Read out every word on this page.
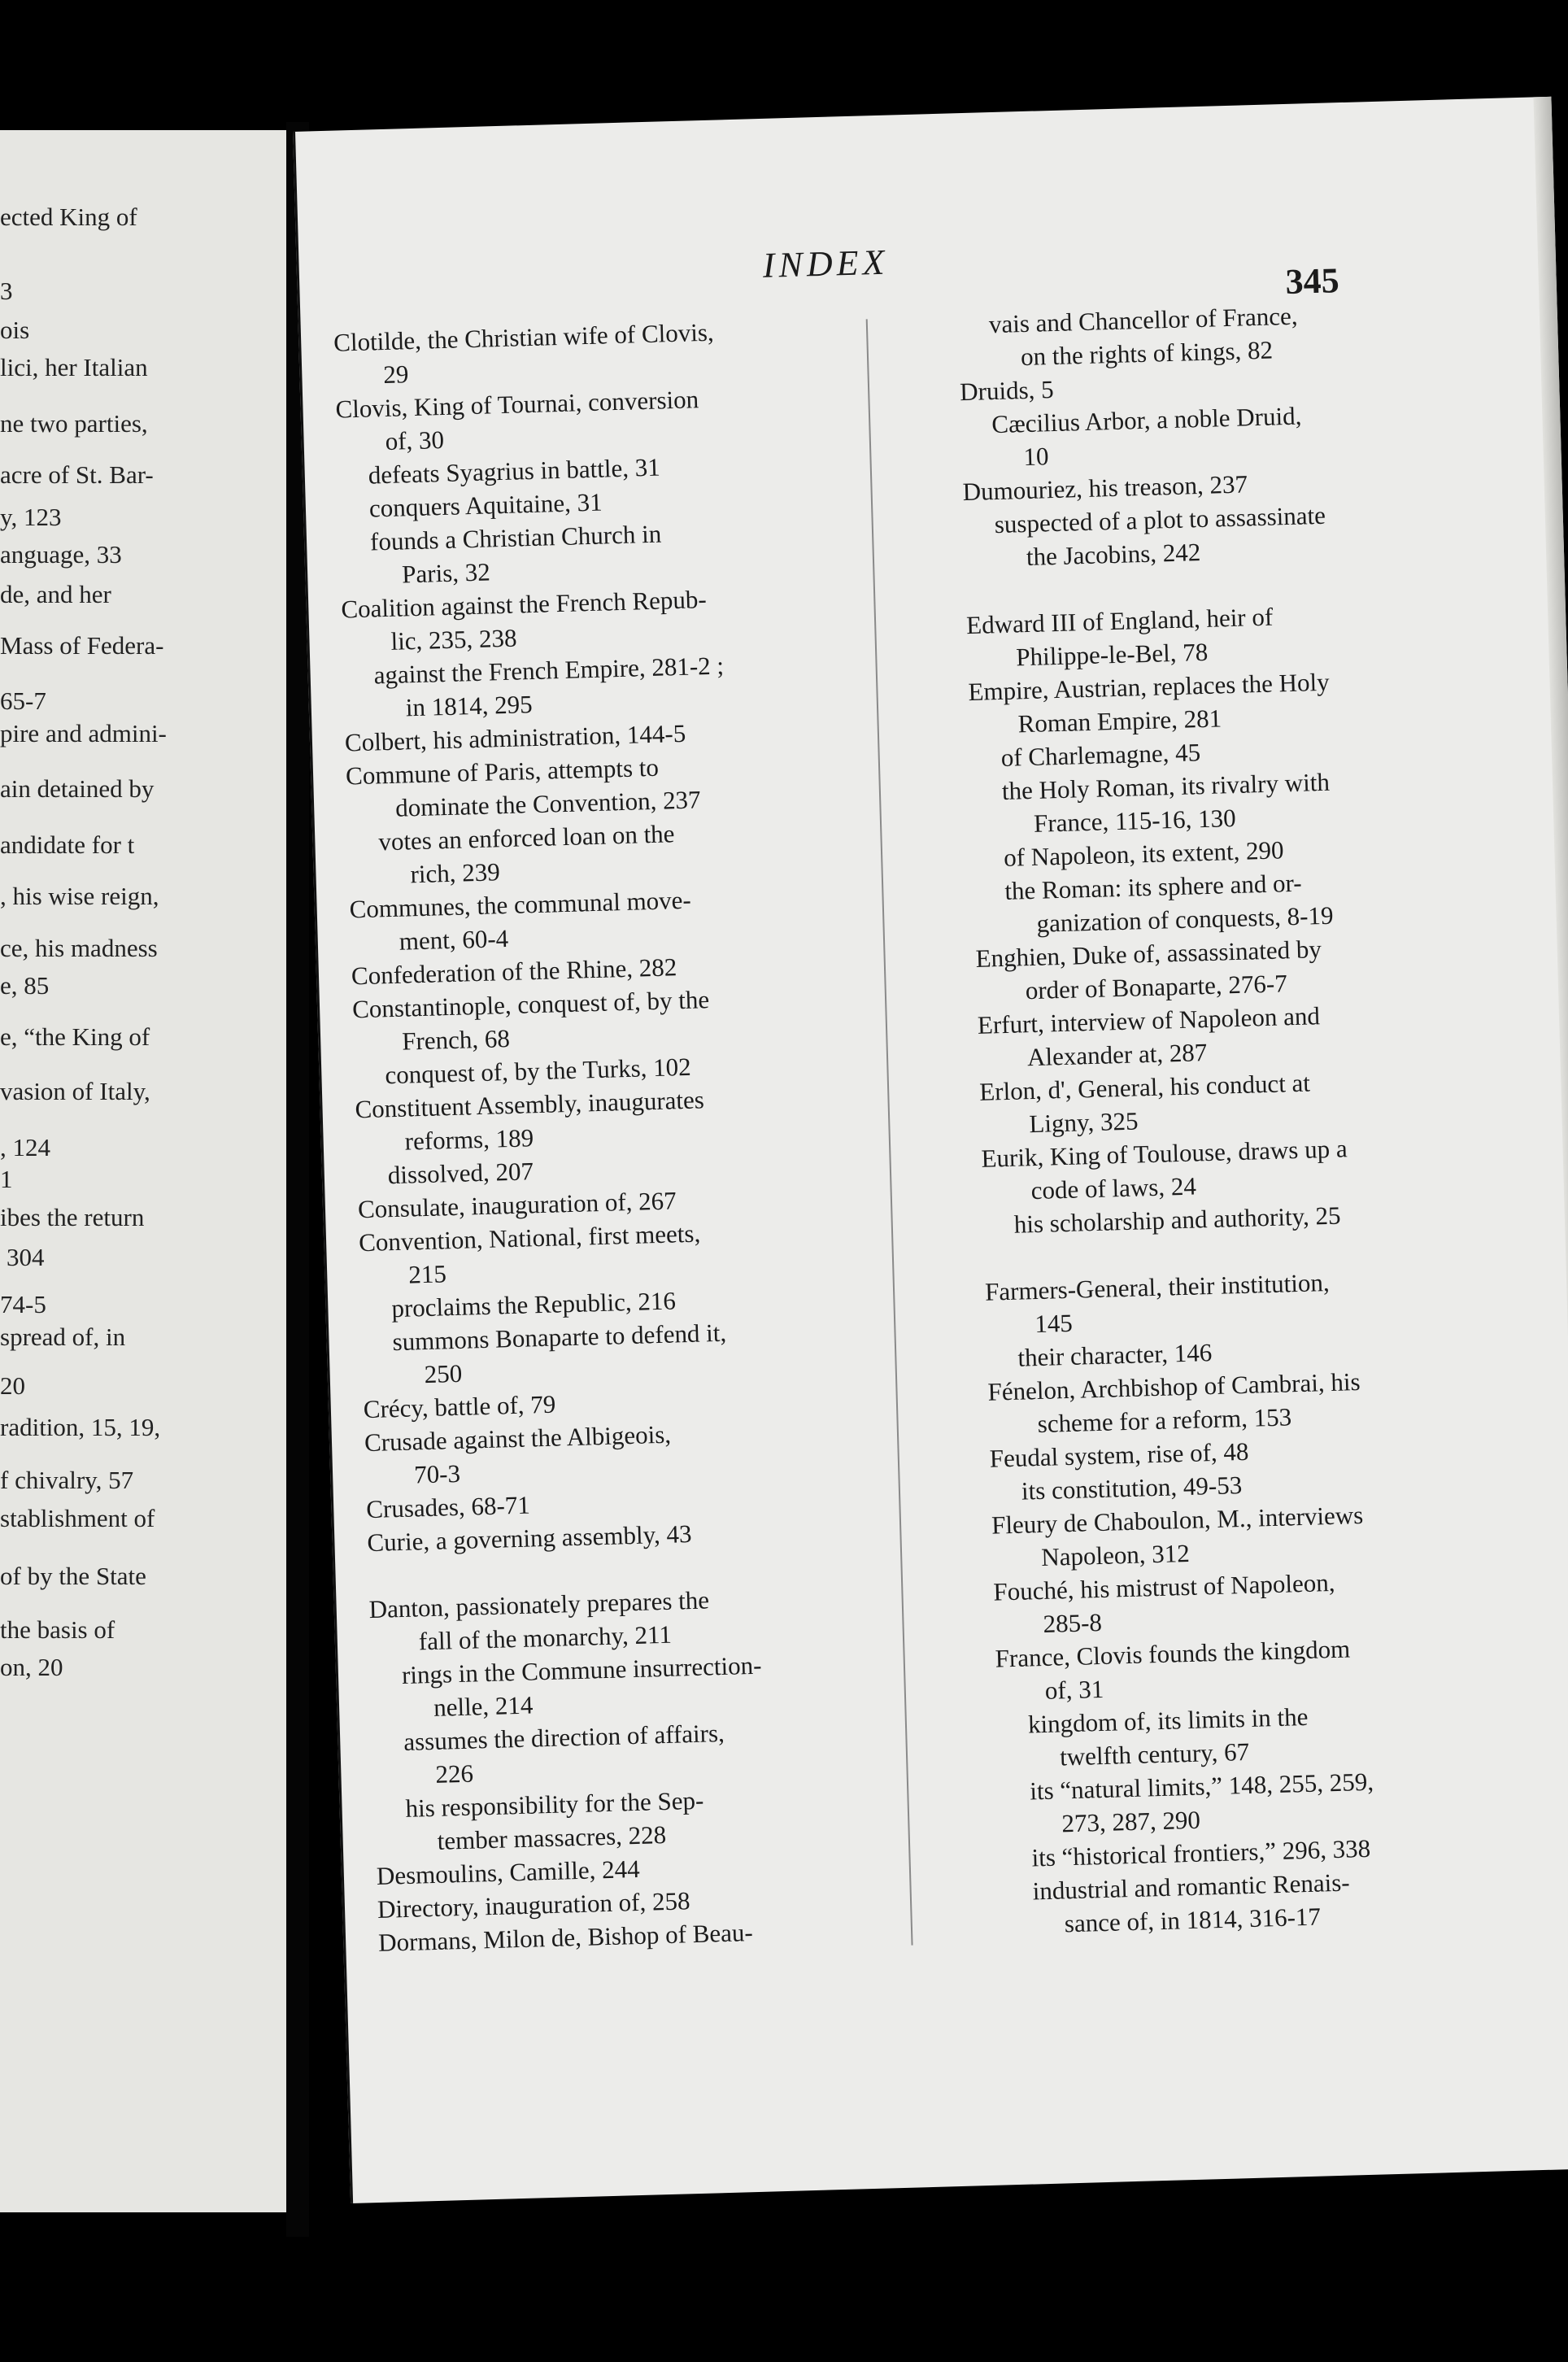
ected King of
3
ois
lici, her Italian
ne two parties,
acre of St. Bar-
y, 123
anguage, 33
de, and her
Mass of Federa-
65-7
pire and admini-
ain detained by
andidate for t
, his wise reign,
ce, his madness
e, 85
e, “the King of
vasion of Italy,
, 124
1
ibes the return
304
74-5
spread of, in
20
radition, 15, 19,
f chivalry, 57
stablishment of
of by the State
the basis of
on, 20
INDEX	345
Clotilde, the Christian wife of Clovis,
29
Clovis, King of Tournai, conversion
of, 30
defeats Syagrius in battle, 31
conquers Aquitaine, 31
founds a Christian Church in
Paris, 32
Coalition against the French Repub-
lic, 235, 238
against the French Empire, 281-2 ;
in 1814, 295
Colbert, his administration, 144-5
Commune of Paris, attempts to
dominate the Convention, 237
votes an enforced loan on the
rich, 239
Communes, the communal move-
ment, 60-4
Confederation of the Rhine, 282
Constantinople, conquest of, by the
French, 68
conquest of, by the Turks, 102
Constituent Assembly, inaugurates
reforms, 189
dissolved, 207
Consulate, inauguration of, 267
Convention, National, first meets,
215
proclaims the Republic, 216
summons Bonaparte to defend it,
250
Crécy, battle of, 79
Crusade against the Albigeois,
70-3
Crusades, 68-71
Curie, a governing assembly, 43
Danton, passionately prepares the
fall of the monarchy, 211
rings in the Commune insurrection-
nelle, 214
assumes the direction of affairs,
226
his responsibility for the Sep-
tember massacres, 228
Desmoulins, Camille, 244
Directory, inauguration of, 258
Dormans, Milon de, Bishop of Beau-
vais and Chancellor of France,
on the rights of kings, 82
Druids, 5
Cæcilius Arbor, a noble Druid,
10
Dumouriez, his treason, 237
suspected of a plot to assassinate
the Jacobins, 242
Edward III of England, heir of
Philippe-le-Bel, 78
Empire, Austrian, replaces the Holy
Roman Empire, 281
of Charlemagne, 45
the Holy Roman, its rivalry with
France, 115-16, 130
of Napoleon, its extent, 290
the Roman: its sphere and or-
ganization of conquests, 8-19
Enghien, Duke of, assassinated by
order of Bonaparte, 276-7
Erfurt, interview of Napoleon and
Alexander at, 287
Erlon, d', General, his conduct at
Ligny, 325
Eurik, King of Toulouse, draws up a
code of laws, 24
his scholarship and authority, 25
Farmers-General, their institution,
145
their character, 146
Fénelon, Archbishop of Cambrai, his
scheme for a reform, 153
Feudal system, rise of, 48
its constitution, 49-53
Fleury de Chaboulon, M., interviews
Napoleon, 312
Fouché, his mistrust of Napoleon,
285-8
France, Clovis founds the kingdom
of, 31
kingdom of, its limits in the
twelfth century, 67
its “natural limits,” 148, 255, 259,
273, 287, 290
its “historical frontiers,” 296, 338
industrial and romantic Renais-
sance of, in 1814, 316-17
